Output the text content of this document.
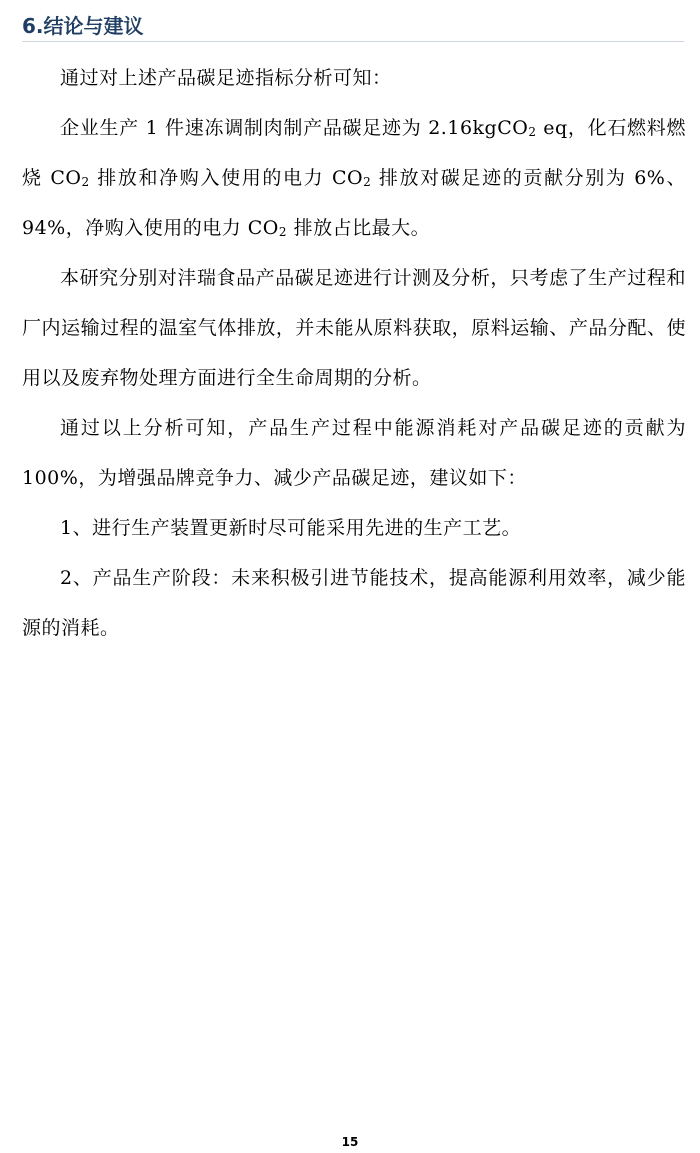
6.结论与建议

通过对上述产品碳足迹指标分析可知：

企业生产 1 件速冻调制肉制产品碳足迹为 2.16kgCO$_2$ eq，化石燃料燃烧 $CO_2$ 排放和净购入使用的电力 $CO_2$ 排放对碳足迹的贡献分别为 6%、94%，净购入使用的电力 $CO_2$ 排放占比最大。

本研究分别对沣瑞食品产品碳足迹进行计测及分析，只考虑了生产过程和厂内运输过程的温室气体排放，并未能从原料获取，原料运输、产品分配、使用以及废弃物处理方面进行全生命周期的分析。

通过以上分析可知，产品生产过程中能源消耗对产品碳足迹的贡献为 100%，为增强品牌竞争力、减少产品碳足迹，建议如下：

1、进行生产装置更新时尽可能采用先进的生产工艺。

2、产品生产阶段：未来积极引进节能技术，提高能源利用效率，减少能源的消耗。

15
